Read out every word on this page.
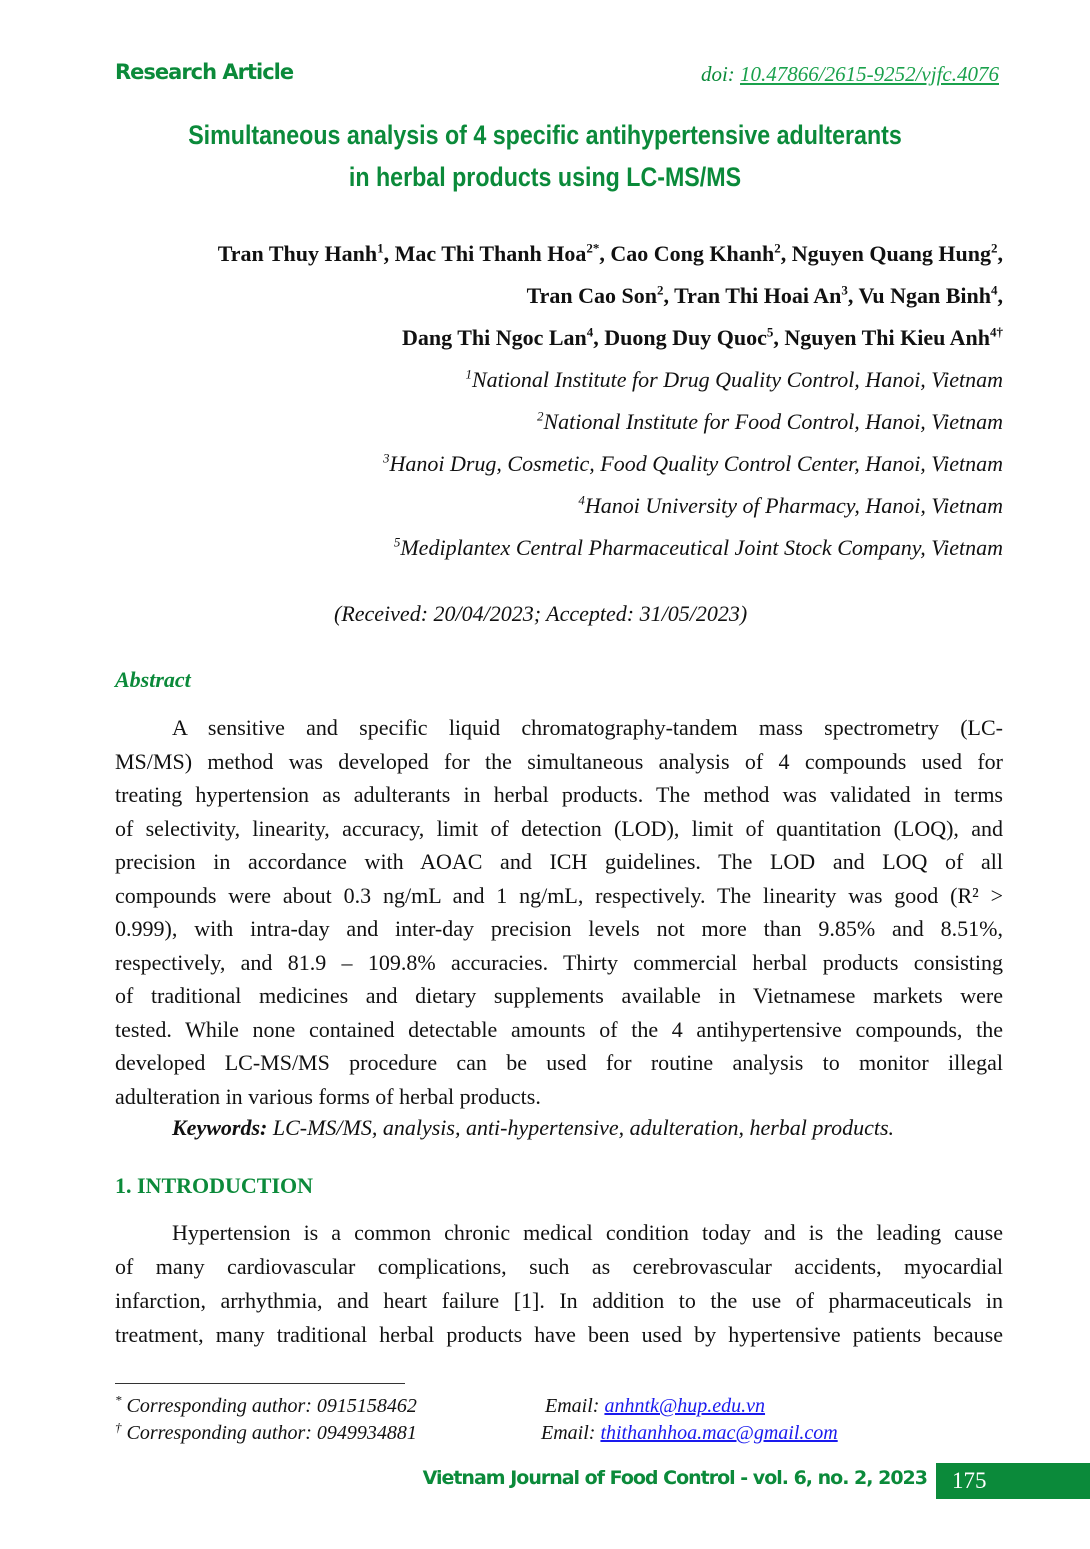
Research Article	doi: 10.47866/2615-9252/vjfc.4076
Simultaneous analysis of 4 specific antihypertensive adulterants
in herbal products using LC-MS/MS
Tran Thuy Hanh$^1$, Mac Thi Thanh Hoa$^{2*}$, Cao Cong Khanh$^2$, Nguyen Quang Hung$^2$,
Tran Cao Son$^2$, Tran Thi Hoai An$^3$, Vu Ngan Binh$^4$,
Dang Thi Ngoc Lan$^4$, Duong Duy Quoc$^5$, Nguyen Thi Kieu Anh$^{4\dagger}$
$^1$National Institute for Drug Quality Control, Hanoi, Vietnam
$^2$National Institute for Food Control, Hanoi, Vietnam
$^3$Hanoi Drug, Cosmetic, Food Quality Control Center, Hanoi, Vietnam
$^4$Hanoi University of Pharmacy, Hanoi, Vietnam
$^5$Mediplantex Central Pharmaceutical Joint Stock Company, Vietnam
(Received: 20/04/2023; Accepted: 31/05/2023)
Abstract
A sensitive and specific liquid chromatography-tandem mass spectrometry (LC-
MS/MS) method was developed for the simultaneous analysis of 4 compounds used for
treating hypertension as adulterants in herbal products. The method was validated in terms
of selectivity, linearity, accuracy, limit of detection (LOD), limit of quantitation (LOQ), and
precision in accordance with AOAC and ICH guidelines. The LOD and LOQ of all
compounds were about 0.3 ng/mL and 1 ng/mL, respectively. The linearity was good (R² >
0.999), with intra-day and inter-day precision levels not more than 9.85% and 8.51%,
respectively, and 81.9 – 109.8% accuracies. Thirty commercial herbal products consisting
of traditional medicines and dietary supplements available in Vietnamese markets were
tested. While none contained detectable amounts of the 4 antihypertensive compounds, the
developed LC-MS/MS procedure can be used for routine analysis to monitor illegal
adulteration in various forms of herbal products.
Keywords: LC-MS/MS, analysis, anti-hypertensive, adulteration, herbal products.
1. INTRODUCTION
Hypertension is a common chronic medical condition today and is the leading cause
of many cardiovascular complications, such as cerebrovascular accidents, myocardial
infarction, arrhythmia, and heart failure [1]. In addition to the use of pharmaceuticals in
treatment, many traditional herbal products have been used by hypertensive patients because
* Corresponding author: 0915158462	Email: anhntk@hup.edu.vn
† Corresponding author: 0949934881	Email: thithanhhoa.mac@gmail.com
Vietnam Journal of Food Control - vol. 6, no. 2, 2023	175
